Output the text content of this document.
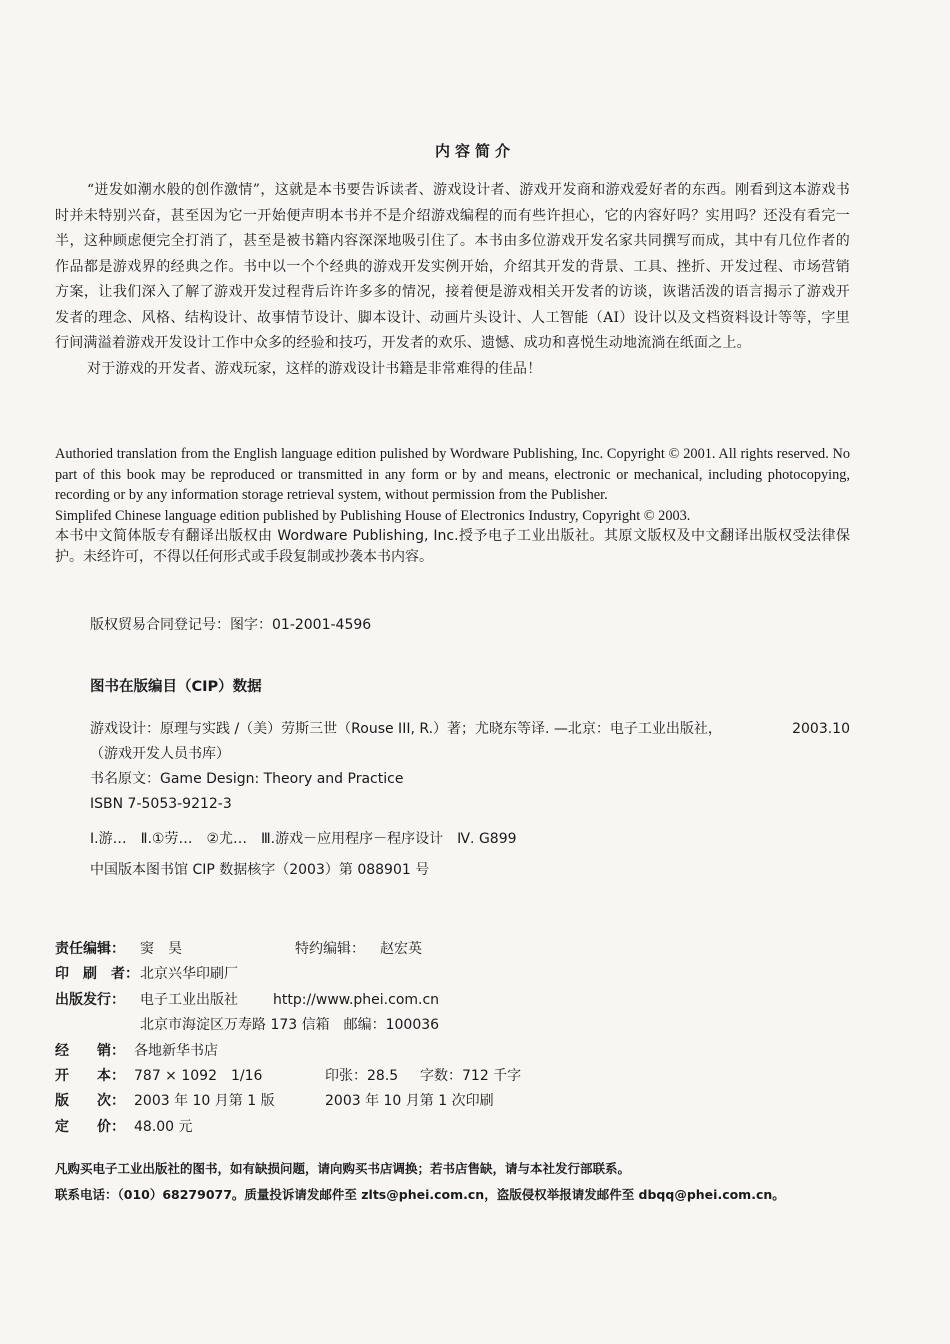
内容简介

“迸发如潮水般的创作激情”，这就是本书要告诉读者、游戏设计者、游戏开发商和游戏爱好者的东西。刚看到这本游戏书时并未特别兴奋，甚至因为它一开始便声明本书并不是介绍游戏编程的而有些许担心，它的内容好吗？实用吗？还没有看完一半，这种顾虑便完全打消了，甚至是被书籍内容深深地吸引住了。本书由多位游戏开发名家共同撰写而成，其中有几位作者的作品都是游戏界的经典之作。书中以一个个经典的游戏开发实例开始，介绍其开发的背景、工具、挫折、开发过程、市场营销方案，让我们深入了解了游戏开发过程背后许许多多的情况，接着便是游戏相关开发者的访谈，诙谐活泼的语言揭示了游戏开发者的理念、风格、结构设计、故事情节设计、脚本设计、动画片头设计、人工智能（AI）设计以及文档资料设计等等，字里行间满溢着游戏开发设计工作中众多的经验和技巧，开发者的欢乐、遗憾、成功和喜悦生动地流淌在纸面之上。

对于游戏的开发者、游戏玩家，这样的游戏设计书籍是非常难得的佳品！

Authoried translation from the English language edition pulished by Wordware Publishing, Inc. Copyright © 2001. All rights reserved. No part of this book may be reproduced or transmitted in any form or by and means, electronic or mechanical, including photocopying, recording or by any information storage retrieval system, without permission from the Publisher.

Simplifed Chinese language edition published by Publishing House of Electronics Industry, Copyright © 2003.

本书中文简体版专有翻译出版权由 Wordware Publishing, Inc.授予电子工业出版社。其原文版权及中文翻译出版权受法律保护。未经许可，不得以任何形式或手段复制或抄袭本书内容。

版权贸易合同登记号：图字：01-2001-4596
图书在版编目（CIP）数据
游戏设计：原理与实践 /（美）劳斯三世（Rouse III, R.）著；尤晓东等译. —北京：电子工业出版社，	2003.10
（游戏开发人员书库）
书名原文：Game Design: Theory and Practice
ISBN 7-5053-9212-3
Ⅰ.游…　Ⅱ.①劳…　②尤…　Ⅲ.游戏－应用程序－程序设计　Ⅳ. G899
中国版本图书馆 CIP 数据核字（2003）第 088901 号
责任编辑： 窦　昊	特约编辑： 赵宏英
印　刷　者： 北京兴华印刷厂
出版发行： 电子工业出版社	http://www.phei.com.cn
北京市海淀区万寿路 173 信箱　邮编：100036
经　　销： 各地新华书店
开　　本： 787 × 1092　1/16	印张：28.5 字数：712 千字
版　　次： 2003 年 10 月第 1 版	2003 年 10 月第 1 次印刷
定　　价： 48.00 元

凡购买电子工业出版社的图书，如有缺损问题，请向购买书店调换；若书店售缺，请与本社发行部联系。

联系电话：（010）68279077。质量投诉请发邮件至 zlts@phei.com.cn，盗版侵权举报请发邮件至 dbqq@phei.com.cn。
